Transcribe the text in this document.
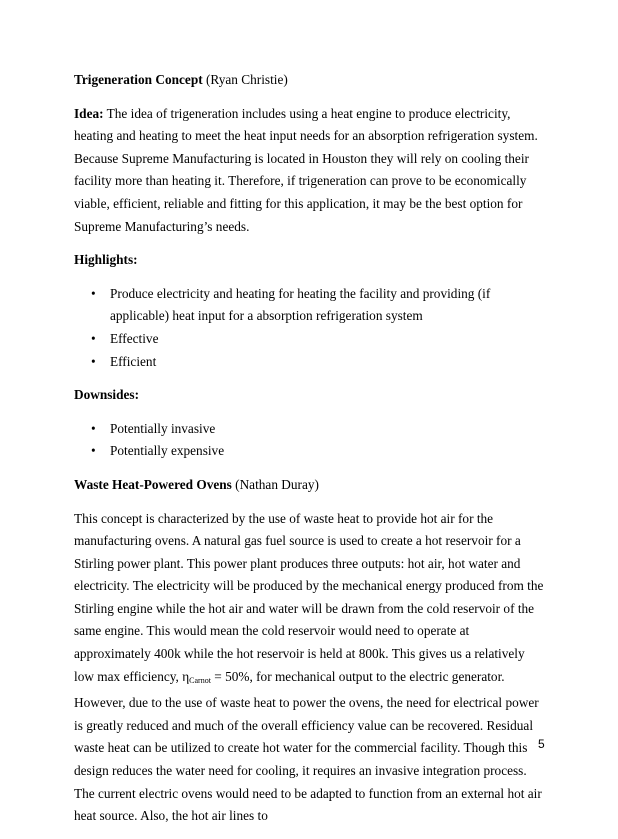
Trigeneration Concept (Ryan Christie)

Idea: The idea of trigeneration includes using a heat engine to produce electricity, heating and heating to meet the heat input needs for an absorption refrigeration system. Because Supreme Manufacturing is located in Houston they will rely on cooling their facility more than heating it. Therefore, if trigeneration can prove to be economically viable, efficient, reliable and fitting for this application, it may be the best option for Supreme Manufacturing’s needs.

Highlights:

• Produce electricity and heating for heating the facility and providing (if applicable) heat input for a absorption refrigeration system
• Effective
• Efficient

Downsides:

• Potentially invasive
• Potentially expensive

Waste Heat-Powered Ovens (Nathan Duray)

This concept is characterized by the use of waste heat to provide hot air for the manufacturing ovens. A natural gas fuel source is used to create a hot reservoir for a Stirling power plant. This power plant produces three outputs: hot air, hot water and electricity. The electricity will be produced by the mechanical energy produced from the Stirling engine while the hot air and water will be drawn from the cold reservoir of the same engine. This would mean the cold reservoir would need to operate at approximately 400k while the hot reservoir is held at 800k. This gives us a relatively low max efficiency, ηCarnot = 50%, for mechanical output to the electric generator. However, due to the use of waste heat to power the ovens, the need for electrical power is greatly reduced and much of the overall efficiency value can be recovered. Residual waste heat can be utilized to create hot water for the commercial facility. Though this design reduces the water need for cooling, it requires an invasive integration process. The current electric ovens would need to be adapted to function from an external hot air heat source. Also, the hot air lines to

5
